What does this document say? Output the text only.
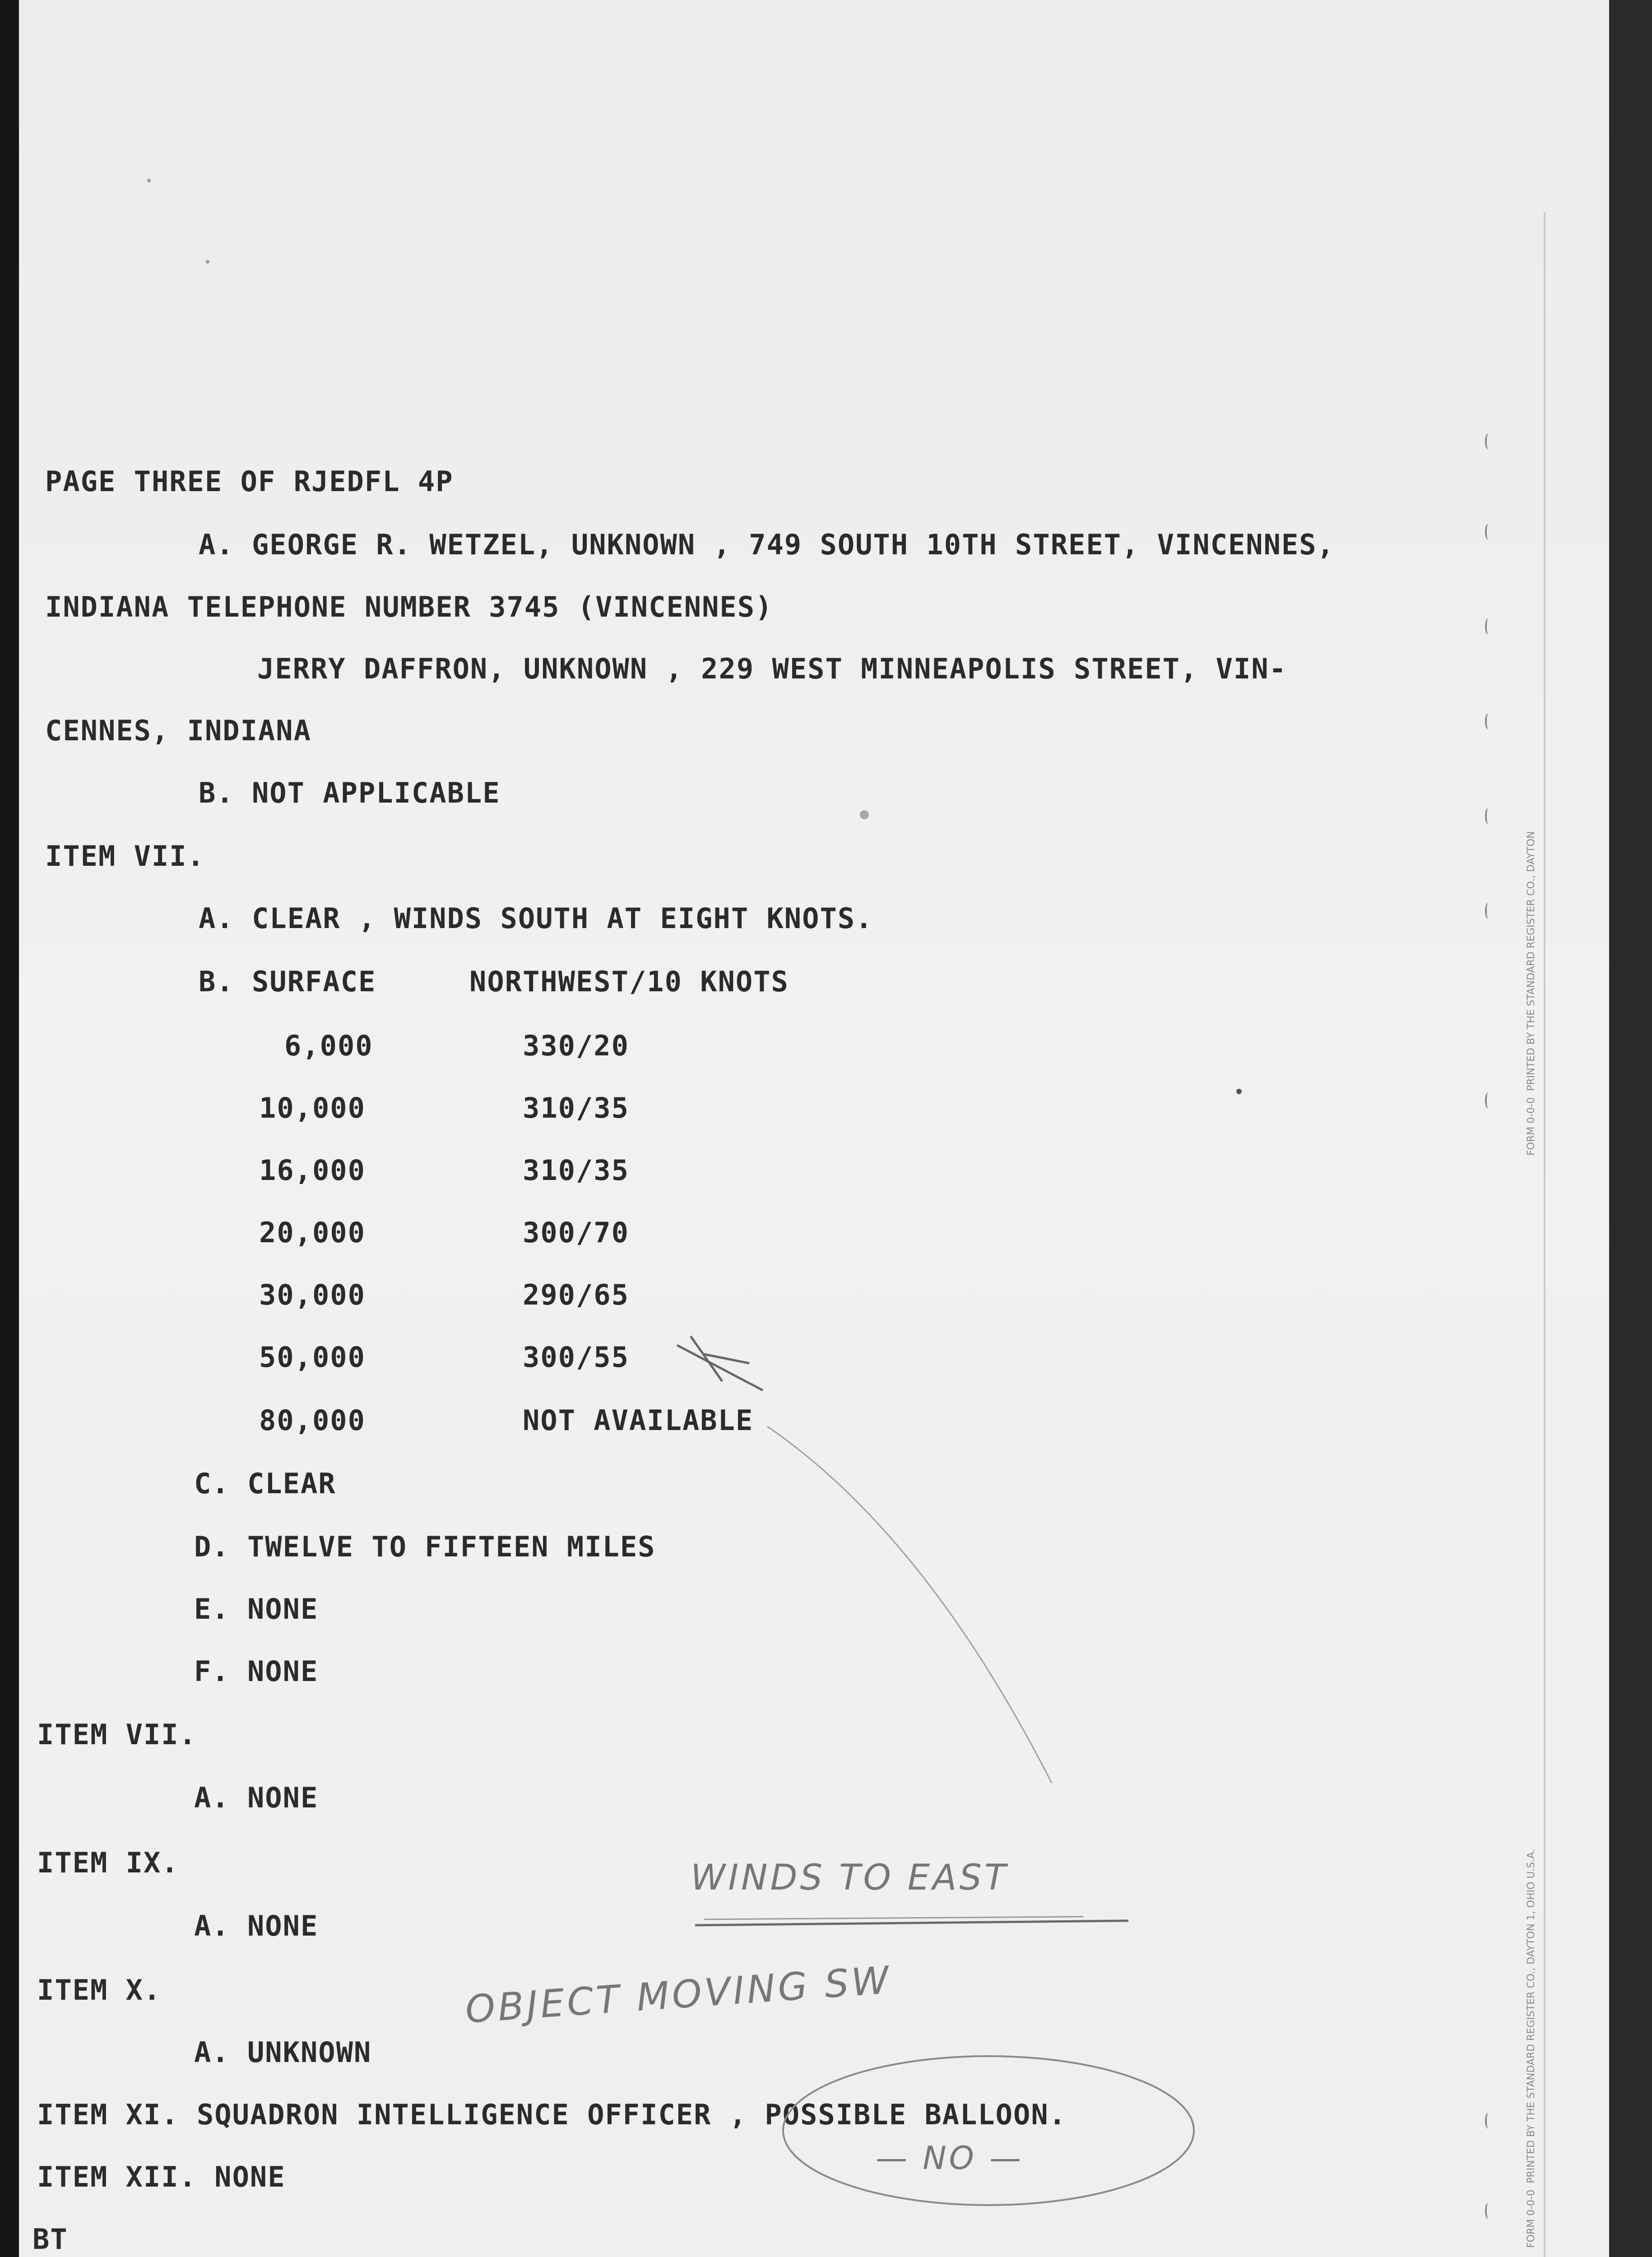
FORM 0-0-0  PRINTED BY THE STANDARD REGISTER CO., DAYTON
FORM 0-0-0  PRINTED BY THE STANDARD REGISTER CO., DAYTON 1, OHIO U.S.A.
PAGE THREE OF RJEDFL 4P
A. GEORGE R. WETZEL, UNKNOWN , 749 SOUTH 10TH STREET, VINCENNES,
INDIANA TELEPHONE NUMBER 3745 (VINCENNES)
JERRY DAFFRON, UNKNOWN , 229 WEST MINNEAPOLIS STREET, VIN-
CENNES, INDIANA
B. NOT APPLICABLE
ITEM VII.
A. CLEAR , WINDS SOUTH AT EIGHT KNOTS.
B. SURFACE	NORTHWEST/10 KNOTS
6,000	330/20
10,000	310/35
16,000	310/35
20,000	300/70
30,000	290/65
50,000	300/55
80,000	NOT AVAILABLE
C. CLEAR
D. TWELVE TO FIFTEEN MILES
E. NONE
F. NONE
ITEM VII.
A. NONE
ITEM IX.
A. NONE
ITEM X.
A. UNKNOWN
ITEM XI. SQUADRON INTELLIGENCE OFFICER , POSSIBLE BALLOON.
ITEM XII. NONE
BT
WINDS TO EAST
OBJECT MOVING SW
— NO —
